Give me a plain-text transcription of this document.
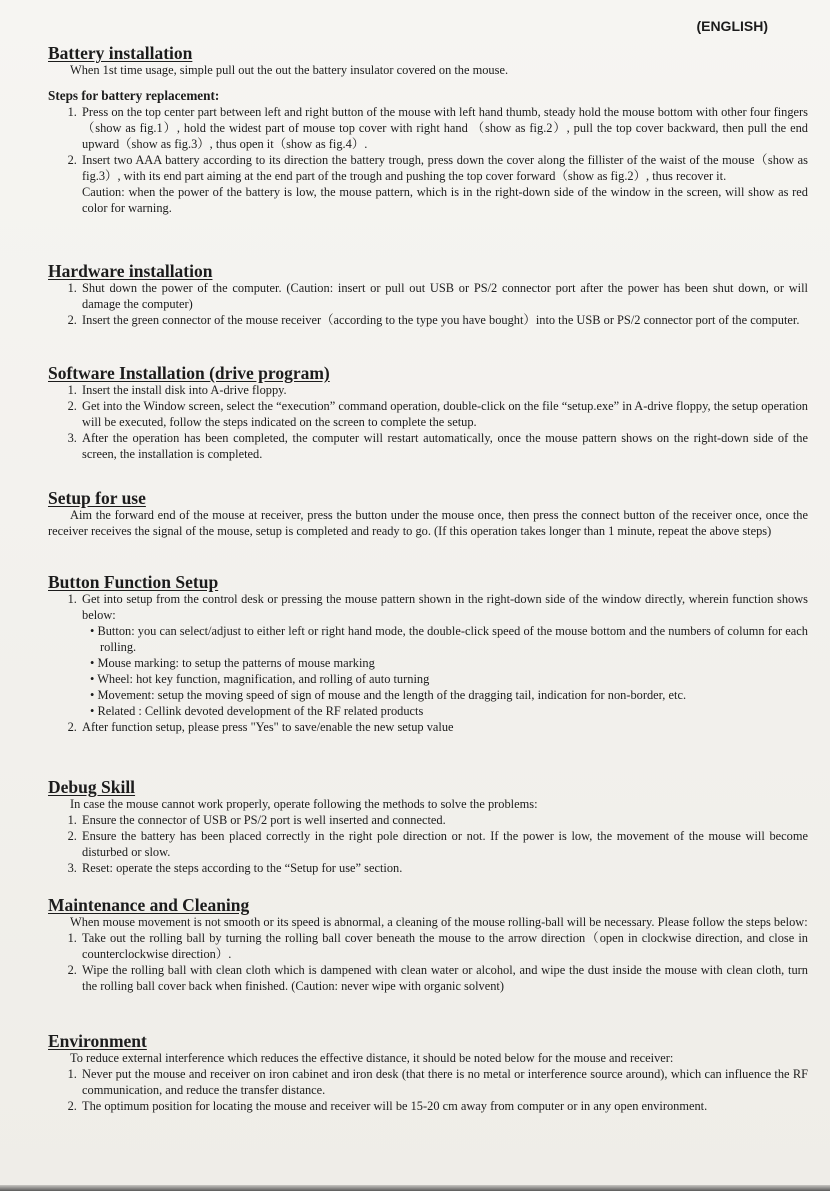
(ENGLISH)
Battery installation

When 1st time usage, simple pull out the out the battery insulator covered on the mouse.

Steps for battery replacement:
1. Press on the top center part between left and right button of the mouse with left hand thumb, steady hold the mouse bottom with other four fingers（show as fig.1）, hold the widest part of mouse top cover with right hand （show as fig.2）, pull the top cover backward, then pull the end upward（show as fig.3）, thus open it（show as fig.4）.
2. Insert two AAA battery according to its direction the battery trough, press down the cover along the fillister of the waist of the mouse（show as fig.3）, with its end part aiming at the end part of the trough and pushing the top cover forward（show as fig.2）, thus recover it.

Caution: when the power of the battery is low, the mouse pattern, which is in the right-down side of the window in the screen, will show as red color for warning.

Hardware installation
1. Shut down the power of the computer. (Caution: insert or pull out USB or PS/2 connector port after the power has been shut down, or will damage the computer)
2. Insert the green connector of the mouse receiver（according to the type you have bought）into the USB or PS/2 connector port of the computer.
Software Installation (drive program)
1. Insert the install disk into A-drive floppy.
2. Get into the Window screen, select the “execution” command operation, double-click on the file “setup.exe” in A-drive floppy, the setup operation will be executed, follow the steps indicated on the screen to complete the setup.
3. After the operation has been completed, the computer will restart automatically, once the mouse pattern shows on the right-down side of the screen, the installation is completed.
Setup for use

Aim the forward end of the mouse at receiver, press the button under the mouse once, then press the connect button of the receiver once, once the receiver receives the signal of the mouse, setup is completed and ready to go. (If this operation takes longer than 1 minute, repeat the above steps)

Button Function Setup
1. Get into setup from the control desk or pressing the mouse pattern shown in the right-down side of the window directly, wherein function shows below:
• Button: you can select/adjust to either left or right hand mode, the double-click speed of the mouse bottom and the numbers of column for each rolling.
• Mouse marking: to setup the patterns of mouse marking
• Wheel: hot key function, magnification, and rolling of auto turning
• Movement: setup the moving speed of sign of mouse and the length of the dragging tail, indication for non-border, etc.
• Related : Cellink devoted development of the RF related products
2. After function setup, please press "Yes" to save/enable the new setup value
Debug Skill

In case the mouse cannot work properly, operate following the methods to solve the problems:

1. Ensure the connector of USB or PS/2 port is well inserted and connected.
2. Ensure the battery has been placed correctly in the right pole direction or not. If the power is low, the movement of the mouse will become disturbed or slow.
3. Reset: operate the steps according to the “Setup for use” section.
Maintenance and Cleaning

When mouse movement is not smooth or its speed is abnormal, a cleaning of the mouse rolling-ball will be necessary. Please follow the steps below:

1. Take out the rolling ball by turning the rolling ball cover beneath the mouse to the arrow direction（open in clockwise direction, and close in counterclockwise direction）.
2. Wipe the rolling ball with clean cloth which is dampened with clean water or alcohol, and wipe the dust inside the mouse with clean cloth, turn the rolling ball cover back when finished. (Caution: never wipe with organic solvent)
Environment

To reduce external interference which reduces the effective distance, it should be noted below for the mouse and receiver:

1. Never put the mouse and receiver on iron cabinet and iron desk (that there is no metal or interference source around), which can influence the RF communication, and reduce the transfer distance.
2. The optimum position for locating the mouse and receiver will be 15-20 cm away from computer or in any open environment.
